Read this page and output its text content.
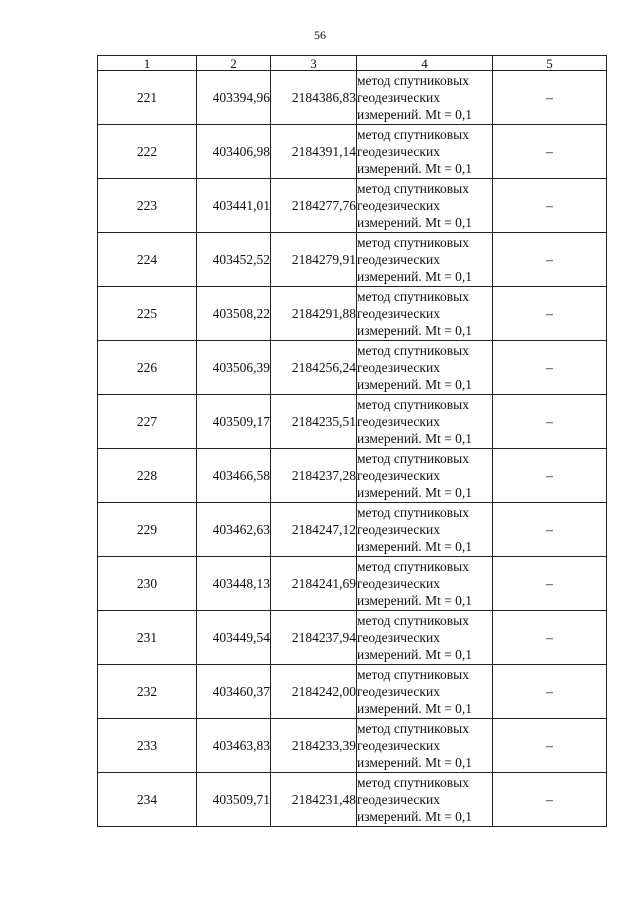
56
1	2	3	4	5
221	403394,96	2184386,83	метод спутниковых
геодезических
измерений. Mt = 0,1	–
222	403406,98	2184391,14	метод спутниковых
геодезических
измерений. Mt = 0,1	–
223	403441,01	2184277,76	метод спутниковых
геодезических
измерений. Mt = 0,1	–
224	403452,52	2184279,91	метод спутниковых
геодезических
измерений. Mt = 0,1	–
225	403508,22	2184291,88	метод спутниковых
геодезических
измерений. Mt = 0,1	–
226	403506,39	2184256,24	метод спутниковых
геодезических
измерений. Mt = 0,1	–
227	403509,17	2184235,51	метод спутниковых
геодезических
измерений. Mt = 0,1	–
228	403466,58	2184237,28	метод спутниковых
геодезических
измерений. Mt = 0,1	–
229	403462,63	2184247,12	метод спутниковых
геодезических
измерений. Mt = 0,1	–
230	403448,13	2184241,69	метод спутниковых
геодезических
измерений. Mt = 0,1	–
231	403449,54	2184237,94	метод спутниковых
геодезических
измерений. Mt = 0,1	–
232	403460,37	2184242,00	метод спутниковых
геодезических
измерений. Mt = 0,1	–
233	403463,83	2184233,39	метод спутниковых
геодезических
измерений. Mt = 0,1	–
234	403509,71	2184231,48	метод спутниковых
геодезических
измерений. Mt = 0,1	–
